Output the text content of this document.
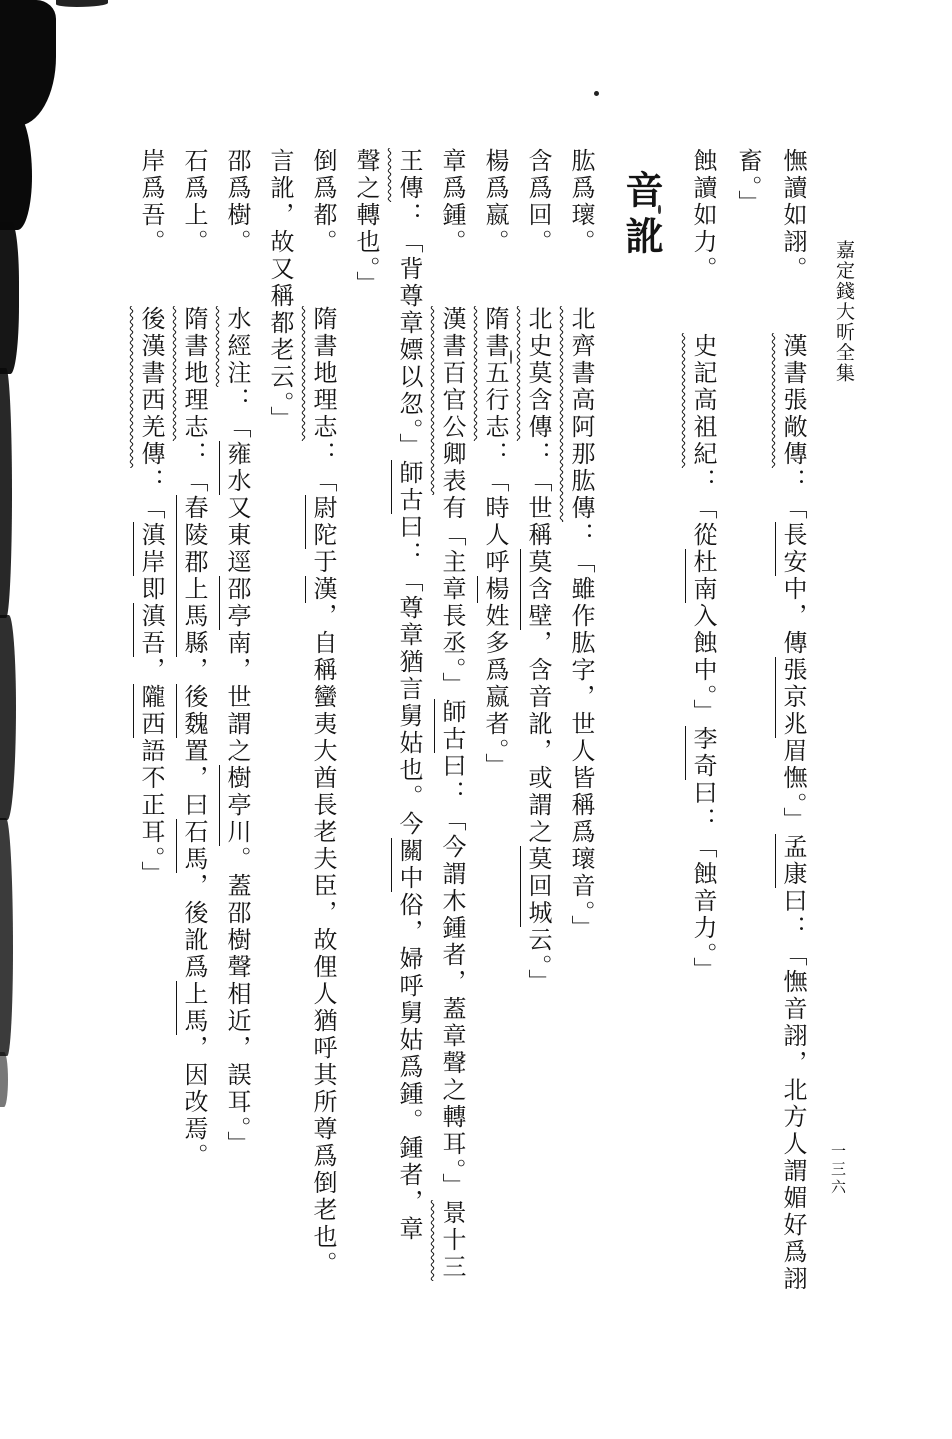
嘉定錢大昕全集
一三六
憮讀如詡。漢書張敞傳：「長安中，傳張京兆眉憮。」孟康曰：「憮音詡，北方人謂媚好爲詡
畜。」
蝕讀如力。史記高祖紀：「從杜南入蝕中。」李奇曰：「蝕音力。」
音訛
肱爲瓌。北齊書高阿那肱傳：「雖作肱字，世人皆稱爲瓌音。」
含爲回。北史莫含傳：「世稱莫含壁，含音訛，或謂之莫回城云。」
楊爲嬴。隋書五行志：「時人呼楊姓多爲嬴者。」
章爲鍾。漢書百官公卿表有「主章長丞。」師古曰：「今謂木鍾者，蓋章聲之轉耳。」景十三
王傳：「背尊章嫖以忽。」師古曰：「尊章猶言舅姑也。今關中俗，婦呼舅姑爲鍾。鍾者，章
聲之轉也。」
倒爲都。隋書地理志：「尉陀于漢，自稱蠻夷大酋長老夫臣，故俚人猶呼其所尊爲倒老也。
言訛，故又稱都老云。」
邵爲樹。水經注：「雍水又東逕邵亭南，世謂之樹亭川。蓋邵樹聲相近，誤耳。」
石爲上。隋書地理志：「春陵郡上馬縣，後魏置，曰石馬，後訛爲上馬，因改焉。
岸爲吾。後漢書西羌傳：「滇岸即滇吾，隴西語不正耳。」
